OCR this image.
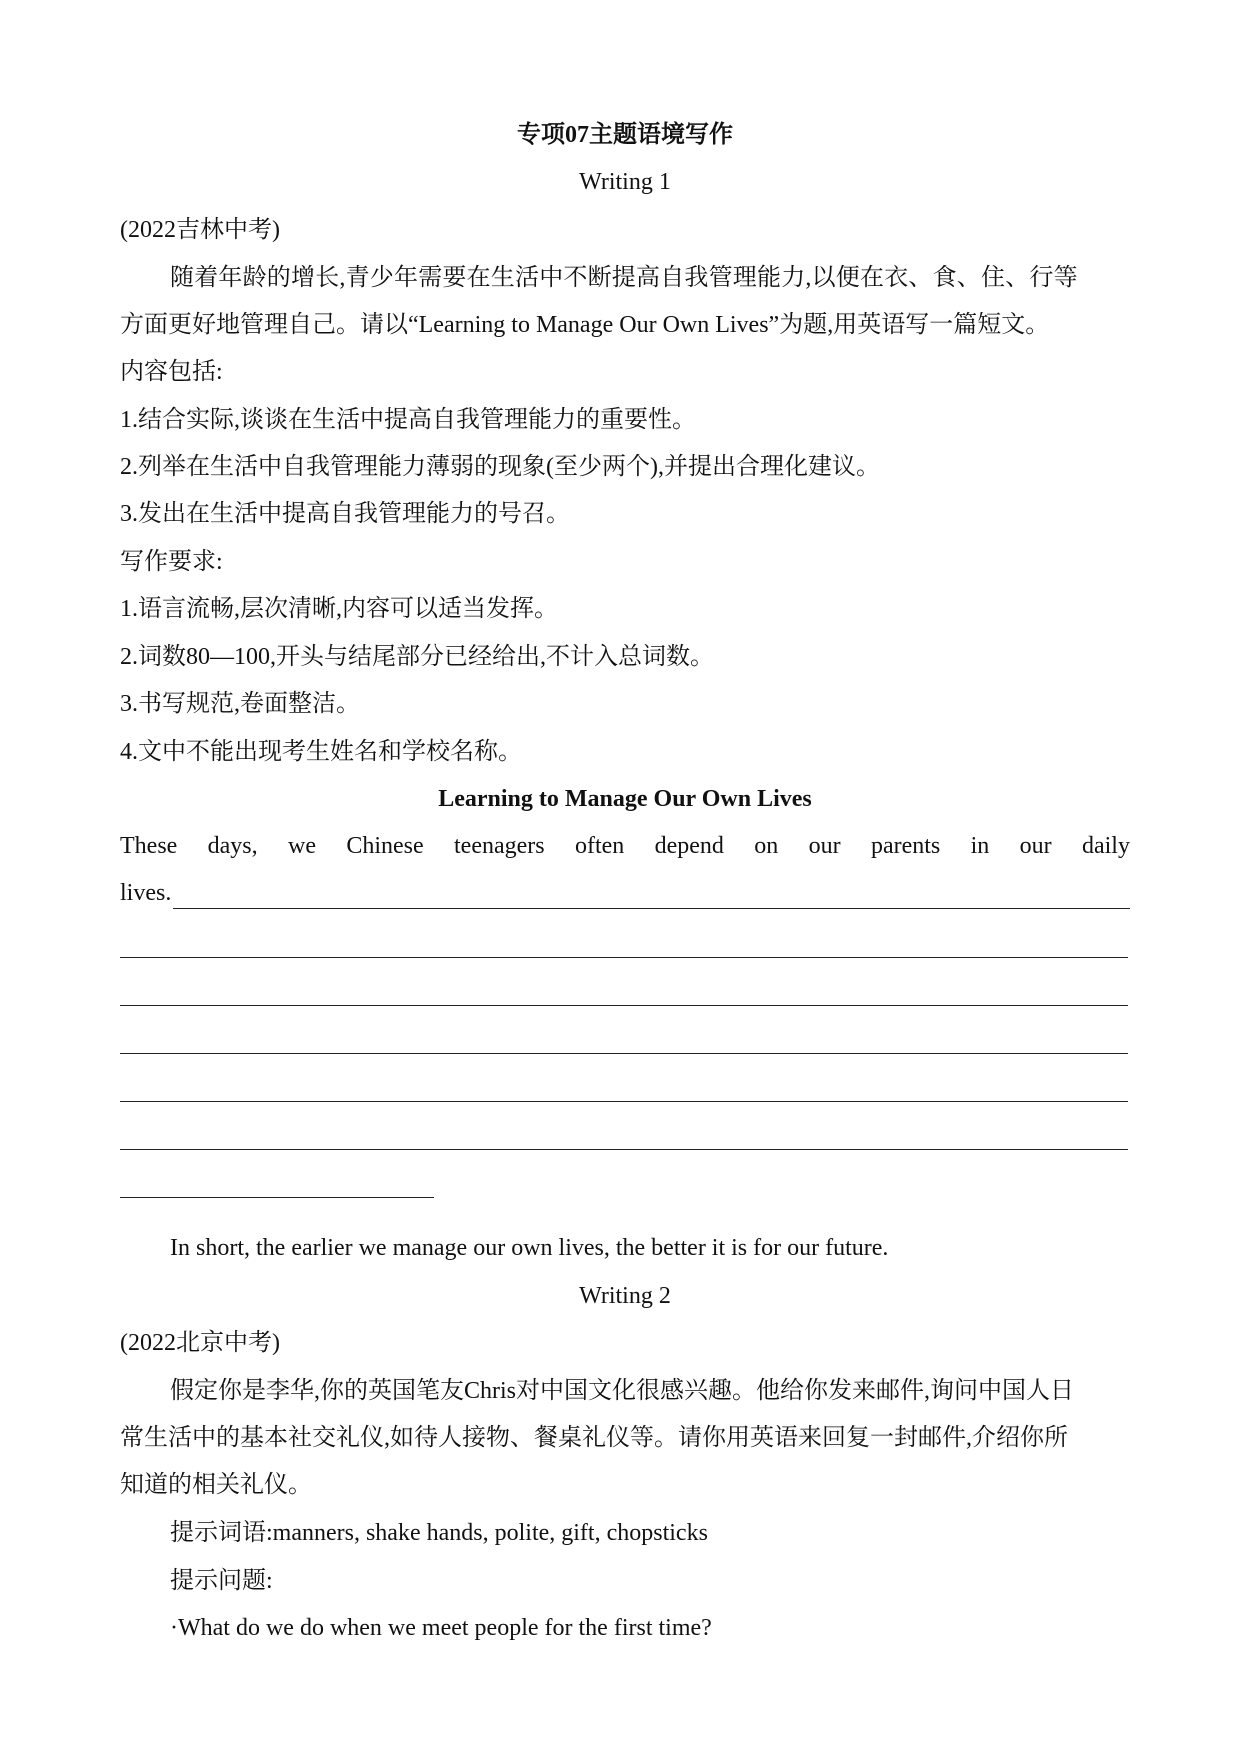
专项07主题语境写作
Writing 1
(2022吉林中考)
随着年龄的增长,青少年需要在生活中不断提高自我管理能力,以便在衣、食、住、行等
方面更好地管理自己。请以“Learning to Manage Our Own Lives”为题,用英语写一篇短文。
内容包括:
1.结合实际,谈谈在生活中提高自我管理能力的重要性。
2.列举在生活中自我管理能力薄弱的现象(至少两个),并提出合理化建议。
3.发出在生活中提高自我管理能力的号召。
写作要求:
1.语言流畅,层次清晰,内容可以适当发挥。
2.词数80—100,开头与结尾部分已经给出,不计入总词数。
3.书写规范,卷面整洁。
4.文中不能出现考生姓名和学校名称。
Learning to Manage Our Own Lives
These days, we Chinese teenagers often depend on our parents in our daily
lives.
In short, the earlier we manage our own lives, the better it is for our future.
Writing 2
(2022北京中考)
假定你是李华,你的英国笔友Chris对中国文化很感兴趣。他给你发来邮件,询问中国人日
常生活中的基本社交礼仪,如待人接物、餐桌礼仪等。请你用英语来回复一封邮件,介绍你所
知道的相关礼仪。
提示词语:manners, shake hands, polite, gift, chopsticks
提示问题:
·What do we do when we meet people for the first time?
